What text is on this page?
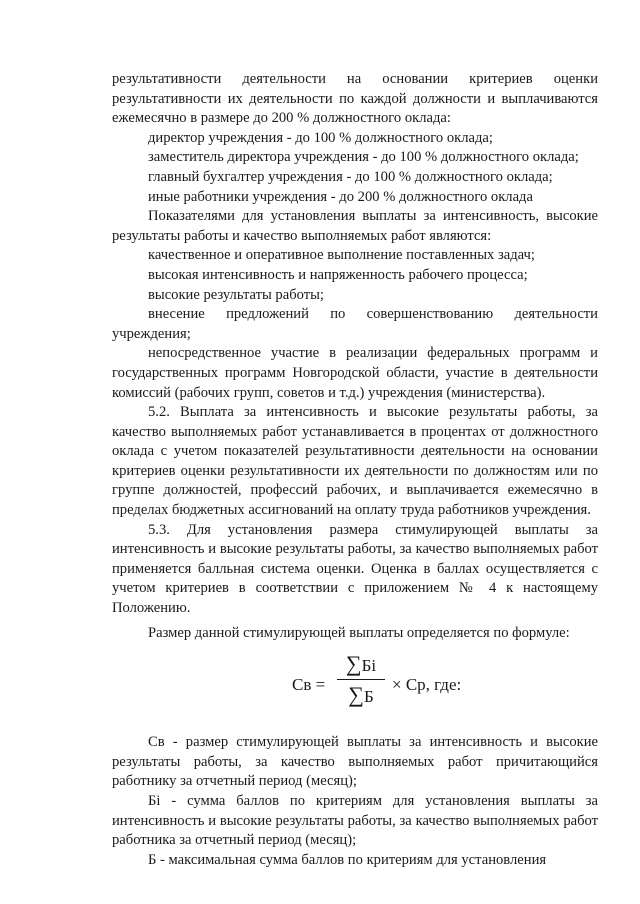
результативности деятельности на основании критериев оценки результативности их деятельности по каждой должности и выплачиваются ежемесячно в размере до 200 % должностного оклада:

директор учреждения - до 100 % должностного оклада;

заместитель директора учреждения - до 100 % должностного оклада;

главный бухгалтер учреждения - до 100 % должностного оклада;

иные работники учреждения - до 200 % должностного оклада

Показателями для установления выплаты за интенсивность, высокие результаты работы и качество выполняемых работ являются:

качественное и оперативное выполнение поставленных задач;

высокая интенсивность и напряженность рабочего процесса;

высокие результаты работы;

внесение предложений по совершенствованию деятельности учреждения;

непосредственное участие в реализации федеральных программ и государственных программ Новгородской области, участие в деятельности комиссий (рабочих групп, советов и т.д.) учреждения (министерства).

5.2. Выплата за интенсивность и высокие результаты работы, за качество выполняемых работ устанавливается в процентах от должностного оклада с учетом показателей результативности деятельности на основании критериев оценки результативности их деятельности по должностям или по группе должностей, профессий рабочих, и выплачивается ежемесячно в пределах бюджетных ассигнований на оплату труда работников учреждения.

5.3. Для установления размера стимулирующей выплаты за интенсивность и высокие результаты работы, за качество выполняемых работ применяется балльная система оценки. Оценка в баллах осуществляется с учетом критериев в соответствии с приложением № 4 к настоящему Положению.

Размер данной стимулирующей выплаты определяется по формуле:

Св =
∑Бі
∑Б
× Ср, где:

Св - размер стимулирующей выплаты за интенсивность и высокие результаты работы, за качество выполняемых работ причитающийся работнику за отчетный период (месяц);

Бі - сумма баллов по критериям для установления выплаты за интенсивность и высокие результаты работы, за качество выполняемых работ работника за отчетный период (месяц);

Б - максимальная сумма баллов по критериям для установления
